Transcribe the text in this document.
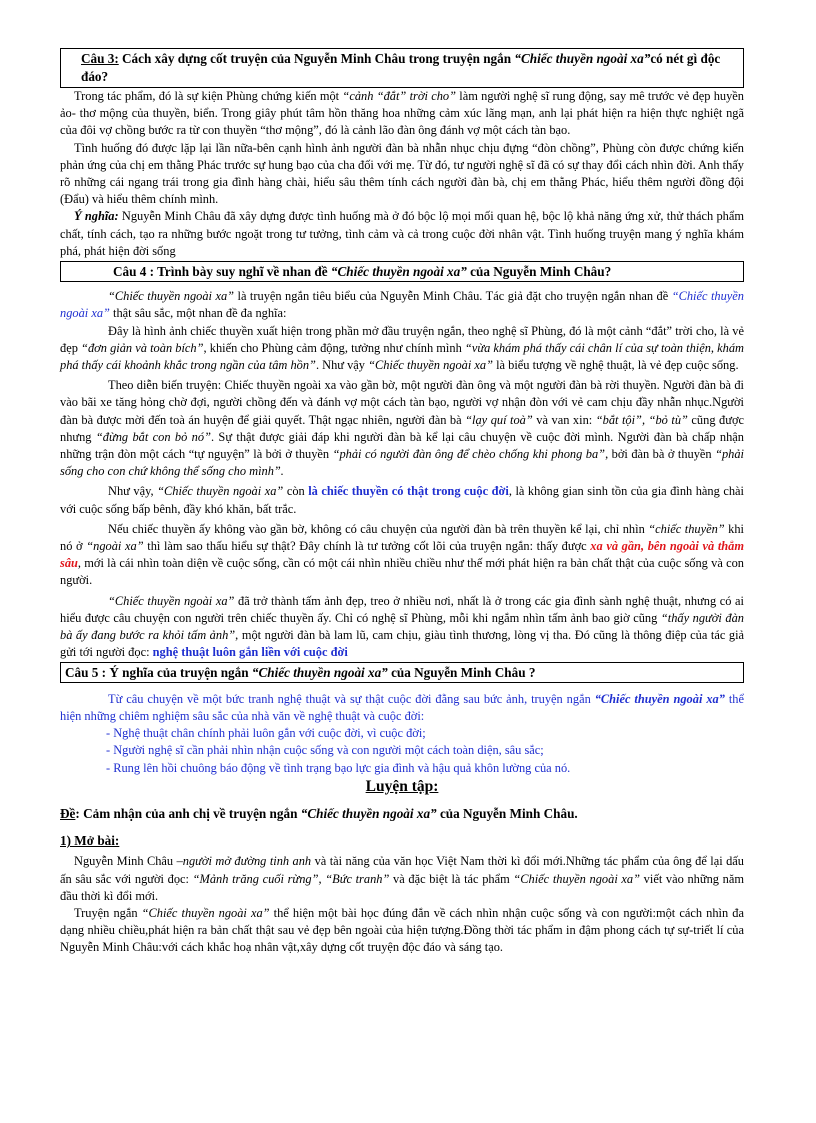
Câu 3: Cách xây dựng cốt truyện của Nguyễn Minh Châu trong truyện ngắn “Chiếc thuyền ngoài xa”có nét gì độc đáo?

Trong tác phẩm, đó là sự kiện Phùng chứng kiến một “cảnh “đắt” trời cho” làm người nghệ sĩ rung động, say mê trước vẻ đẹp huyền ảo- thơ mộng của thuyền, biển. Trong giây phút tâm hồn thăng hoa những cảm xúc lãng mạn, anh lại phát hiện ra hiện thực nghiệt ngã của đôi vợ chồng bước ra từ con thuyền “thơ mộng”, đó là cảnh lão đàn ông đánh vợ một cách tàn bạo.

Tình huống đó được lặp lại lần nữa-bên cạnh hình ảnh người đàn bà nhẫn nhục chịu đựng “đòn chồng”, Phùng còn được chứng kiến phản ứng của chị em thằng Phác trước sự hung bạo của cha đối với mẹ. Từ đó, tư người nghệ sĩ đã có sự thay đổi cách nhìn đời. Anh thấy rõ những cái ngang trái trong gia đình hàng chài, hiểu sâu thêm tính cách người đàn bà, chị em thằng Phác, hiểu thêm người đồng đội (Đẩu) và hiểu thêm chính mình.

Ý nghĩa: Nguyễn Minh Châu đã xây dựng được tình huống mà ở đó bộc lộ mọi mối quan hệ, bộc lộ khả năng ứng xử, thử thách phẩm chất, tính cách, tạo ra những bước ngoặt trong tư tưởng, tình cảm và cả trong cuộc đời nhân vật. Tình huống truyện mang ý nghĩa khám phá, phát hiện đời sống

Câu 4 : Trình bày suy nghĩ về nhan đề “Chiếc thuyền ngoài xa” của Nguyễn Minh Châu?

“Chiếc thuyền ngoài xa” là truyện ngắn tiêu biểu của Nguyễn Minh Châu. Tác giả đặt cho truyện ngắn nhan đề “Chiếc thuyền ngoài xa” thật sâu sắc, một nhan đề đa nghĩa:

Đây là hình ảnh chiếc thuyền xuất hiện trong phần mở đầu truyện ngắn, theo nghệ sĩ Phùng, đó là một cảnh “đắt” trời cho, là vẻ đẹp “đơn giản và toàn bích”, khiến cho Phùng cảm động, tưởng như chính mình “vừa khám phá thấy cái chân lí của sự toàn thiện, khám phá thấy cái khoảnh khắc trong ngần của tâm hồn”. Như vậy “Chiếc thuyền ngoài xa” là biểu tượng về nghệ thuật, là vẻ đẹp cuộc sống.

Theo diễn biến truyện: Chiếc thuyền ngoài xa vào gần bờ, một người đàn ông và một người đàn bà rời thuyền. Người đàn bà đi vào bãi xe tăng hỏng chờ đợi, người chồng đến và đánh vợ một cách tàn bạo, người vợ nhận đòn với vẻ cam chịu đầy nhẫn nhục.Người đàn bà được mời đến toà án huyện để giải quyết. Thật ngạc nhiên, người đàn bà “lạy quí toà” và van xin: “bắt tội”, “bỏ tù” cũng được nhưng “đừng bắt con bỏ nó”. Sự thật được giải đáp khi người đàn bà kể lại câu chuyện về cuộc đời mình. Người đàn bà chấp nhận những trận đòn một cách “tự nguyện” là bởi ở thuyền “phải có người đàn ông để chèo chống khi phong ba”, bởi đàn bà ở thuyền “phải sống cho con chứ không thể sống cho mình”.

Như vậy, “Chiếc thuyền ngoài xa” còn là chiếc thuyền có thật trong cuộc đời, là không gian sinh tồn của gia đình hàng chài với cuộc sống bấp bênh, đầy khó khăn, bất trắc.

Nếu chiếc thuyền ấy không vào gần bờ, không có câu chuyện của người đàn bà trên thuyền kể lại, chỉ nhìn “chiếc thuyền” khi nó ở “ngoài xa” thì làm sao thấu hiểu sự thật? Đây chính là tư tưởng cốt lõi của truyện ngắn: thấy được xa và gần, bên ngoài và thẳm sâu, mới là cái nhìn toàn diện về cuộc sống, cần có một cái nhìn nhiều chiều như thế mới phát hiện ra bản chất thật của cuộc sống và con người.

“Chiếc thuyền ngoài xa” đã trở thành tấm ảnh đẹp, treo ở nhiều nơi, nhất là ở trong các gia đình sành nghệ thuật, nhưng có ai hiểu được câu chuyện con người trên chiếc thuyền ấy. Chỉ có nghệ sĩ Phùng, mỗi khi ngắm nhìn tấm ảnh bao giờ cũng “thấy người đàn bà ấy đang bước ra khỏi tấm ảnh”, một người đàn bà lam lũ, cam chịu, giàu tình thương, lòng vị tha. Đó cũng là thông điệp của tác giả gửi tới người đọc: nghệ thuật luôn gắn liền với cuộc đời

Câu 5 : Ý nghĩa của truyện ngắn “Chiếc thuyền ngoài xa” của Nguyễn Minh Châu ?

Từ câu chuyện về một bức tranh nghệ thuật và sự thật cuộc đời đằng sau bức ảnh, truyện ngắn “Chiếc thuyền ngoài xa” thể hiện những chiêm nghiệm sâu sắc của nhà văn về nghệ thuật và cuộc đời:

- Nghệ thuật chân chính phải luôn gắn với cuộc đời, vì cuộc đời;
- Người nghệ sĩ cần phải nhìn nhận cuộc sống và con người một cách toàn diện, sâu sắc;
- Rung lên hồi chuông báo động về tình trạng bạo lực gia đình và hậu quả khôn lường của nó.
Luyện tập:
Đề: Cảm nhận của anh chị về truyện ngắn “Chiếc thuyền ngoài xa” của Nguyễn Minh Châu.
1) Mở bài:

Nguyễn Minh Châu –người mở đường tinh anh và tài năng của văn học Việt Nam thời kì đổi mới.Những tác phẩm của ông để lại dấu ấn sâu sắc với người đọc: “Mảnh trăng cuối rừng”, “Bức tranh” và đặc biệt là tác phẩm “Chiếc thuyền ngoài xa” viết vào những năm đầu thời kì đổi mới.

Truyện ngắn “Chiếc thuyền ngoài xa” thể hiện một bài học đúng đắn về cách nhìn nhận cuộc sống và con người:một cách nhìn đa dạng nhiều chiều,phát hiện ra bản chất thật sau vẻ đẹp bên ngoài của hiện tượng.Đồng thời tác phẩm in đậm phong cách tự sự-triết lí của Nguyễn Minh Châu:với cách khắc hoạ nhân vật,xây dựng cốt truyện độc đáo và sáng tạo.
